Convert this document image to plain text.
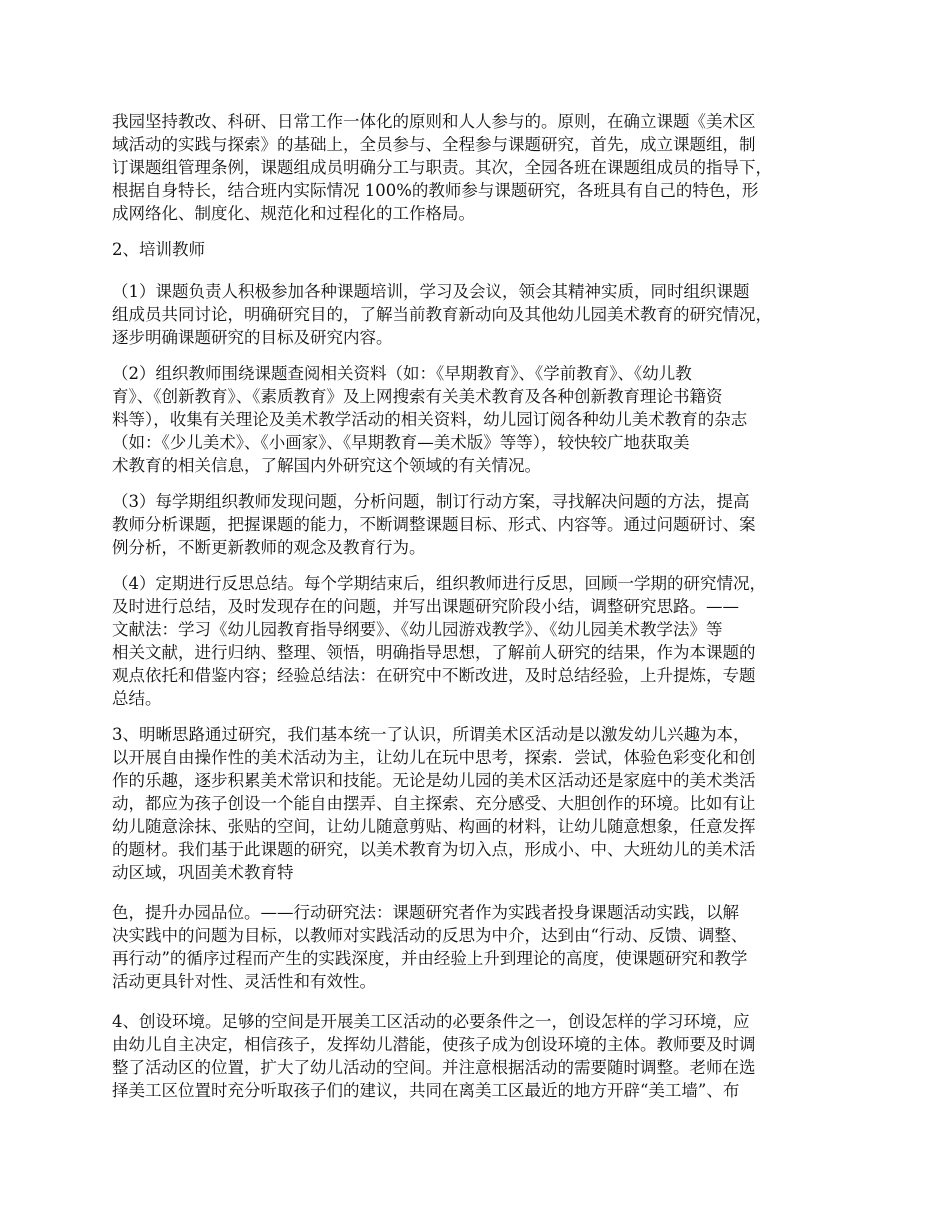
我园坚持教改、科研、日常工作一体化的原则和人人参与的。原则，在确立课题《美术区
域活动的实践与探索》的基础上，全员参与、全程参与课题研究，首先，成立课题组，制
订课题组管理条例，课题组成员明确分工与职责。其次，全园各班在课题组成员的指导下，
根据自身特长，结合班内实际情况 100%的教师参与课题研究，各班具有自己的特色，形
成网络化、制度化、规范化和过程化的工作格局。

2、培训教师

（1）课题负责人积极参加各种课题培训，学习及会议，领会其精神实质，同时组织课题
组成员共同讨论，明确研究目的，了解当前教育新动向及其他幼儿园美术教育的研究情况，
逐步明确课题研究的目标及研究内容。

（2）组织教师围绕课题查阅相关资料（如：《早期教育》、《学前教育》、《幼儿教
育》、《创新教育》、《素质教育》及上网搜索有关美术教育及各种创新教育理论书籍资
料等），收集有关理论及美术教学活动的相关资料，幼儿园订阅各种幼儿美术教育的杂志
（如：《少儿美术》、《小画家》、《早期教育—美术版》等等），较快较广地获取美
术教育的相关信息，了解国内外研究这个领域的有关情况。

（3）每学期组织教师发现问题，分析问题，制订行动方案，寻找解决问题的方法，提高
教师分析课题，把握课题的能力，不断调整课题目标、形式、内容等。通过问题研讨、案
例分析，不断更新教师的观念及教育行为。

（4）定期进行反思总结。每个学期结束后，组织教师进行反思，回顾一学期的研究情况，
及时进行总结，及时发现存在的问题，并写出课题研究阶段小结，调整研究思路。——
文献法：学习《幼儿园教育指导纲要》、《幼儿园游戏教学》、《幼儿园美术教学法》等
相关文献，进行归纳、整理、领悟，明确指导思想，了解前人研究的结果，作为本课题的
观点依托和借鉴内容；经验总结法：在研究中不断改进，及时总结经验，上升提炼，专题
总结。

3、明晰思路通过研究，我们基本统一了认识，所谓美术区活动是以激发幼儿兴趣为本，
以开展自由操作性的美术活动为主，让幼儿在玩中思考，探索．尝试，体验色彩变化和创
作的乐趣，逐步积累美术常识和技能。无论是幼儿园的美术区活动还是家庭中的美术类活
动，都应为孩子创设一个能自由摆弄、自主探索、充分感受、大胆创作的环境。比如有让
幼儿随意涂抹、张贴的空间，让幼儿随意剪贴、构画的材料，让幼儿随意想象，任意发挥
的题材。我们基于此课题的研究，以美术教育为切入点，形成小、中、大班幼儿的美术活
动区域，巩固美术教育特

色，提升办园品位。——行动研究法：课题研究者作为实践者投身课题活动实践，以解
决实践中的问题为目标，以教师对实践活动的反思为中介，达到由“行动、反馈、调整、
再行动”的循序过程而产生的实践深度，并由经验上升到理论的高度，使课题研究和教学
活动更具针对性、灵活性和有效性。

4、创设环境。足够的空间是开展美工区活动的必要条件之一，创设怎样的学习环境，应
由幼儿自主决定，相信孩子，发挥幼儿潜能，使孩子成为创设环境的主体。教师要及时调
整了活动区的位置，扩大了幼儿活动的空间。并注意根据活动的需要随时调整。老师在选
择美工区位置时充分听取孩子们的建议，共同在离美工区最近的地方开辟“美工墙”、布
